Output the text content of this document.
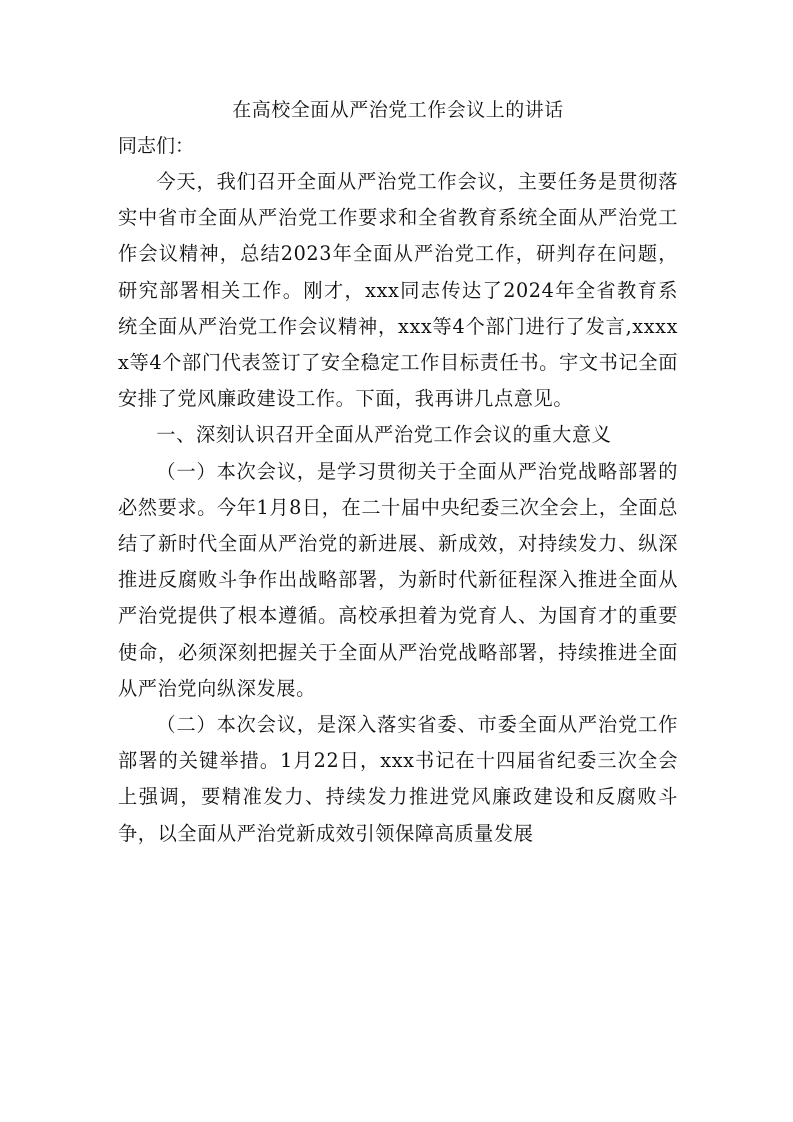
在高校全面从严治党工作会议上的讲话

同志们：

今天，我们召开全面从严治党工作会议，主要任务是贯彻落实中省市全面从严治党工作要求和全省教育系统全面从严治党工作会议精神，总结2023年全面从严治党工作，研判存在问题，研究部署相关工作。刚才，xxx同志传达了2024年全省教育系统全面从严治党工作会议精神，xxx等4个部门进行了发言,xxxxx等4个部门代表签订了安全稳定工作目标责任书。宇文书记全面安排了党风廉政建设工作。下面，我再讲几点意见。

一、深刻认识召开全面从严治党工作会议的重大意义

（一）本次会议，是学习贯彻关于全面从严治党战略部署的必然要求。今年1月8日，在二十届中央纪委三次全会上，全面总结了新时代全面从严治党的新进展、新成效，对持续发力、纵深推进反腐败斗争作出战略部署，为新时代新征程深入推进全面从严治党提供了根本遵循。高校承担着为党育人、为国育才的重要使命，必须深刻把握关于全面从严治党战略部署，持续推进全面从严治党向纵深发展。

（二）本次会议，是深入落实省委、市委全面从严治党工作部署的关键举措。1月22日，xxx书记在十四届省纪委三次全会上强调，要精准发力、持续发力推进党风廉政建设和反腐败斗争，以全面从严治党新成效引领保障高质量发展
